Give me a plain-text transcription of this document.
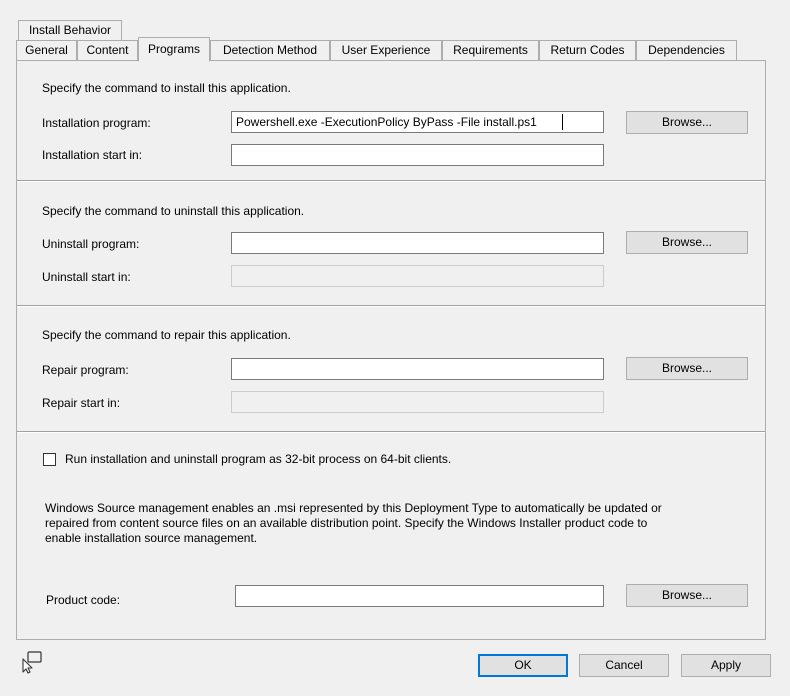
Install Behavior
General	Content	Programs	Detection Method	User Experience	Requirements	Return Codes	Dependencies
Specify the command to install this application.
Installation program:	Powershell.exe -ExecutionPolicy ByPass -File install.ps1	Browse...
Installation start in:
Specify the command to uninstall this application.
Uninstall program:	Browse...
Uninstall start in:
Specify the command to repair this application.
Repair program:	Browse...
Repair start in:
Run installation and uninstall program as 32-bit process on 64-bit clients.
Windows Source management enables an .msi represented by this Deployment Type to automatically be updated or
repaired from content source files on an available distribution point. Specify the Windows Installer product code to
enable installation source management.
Product code:	Browse...
OK	Cancel	Apply
